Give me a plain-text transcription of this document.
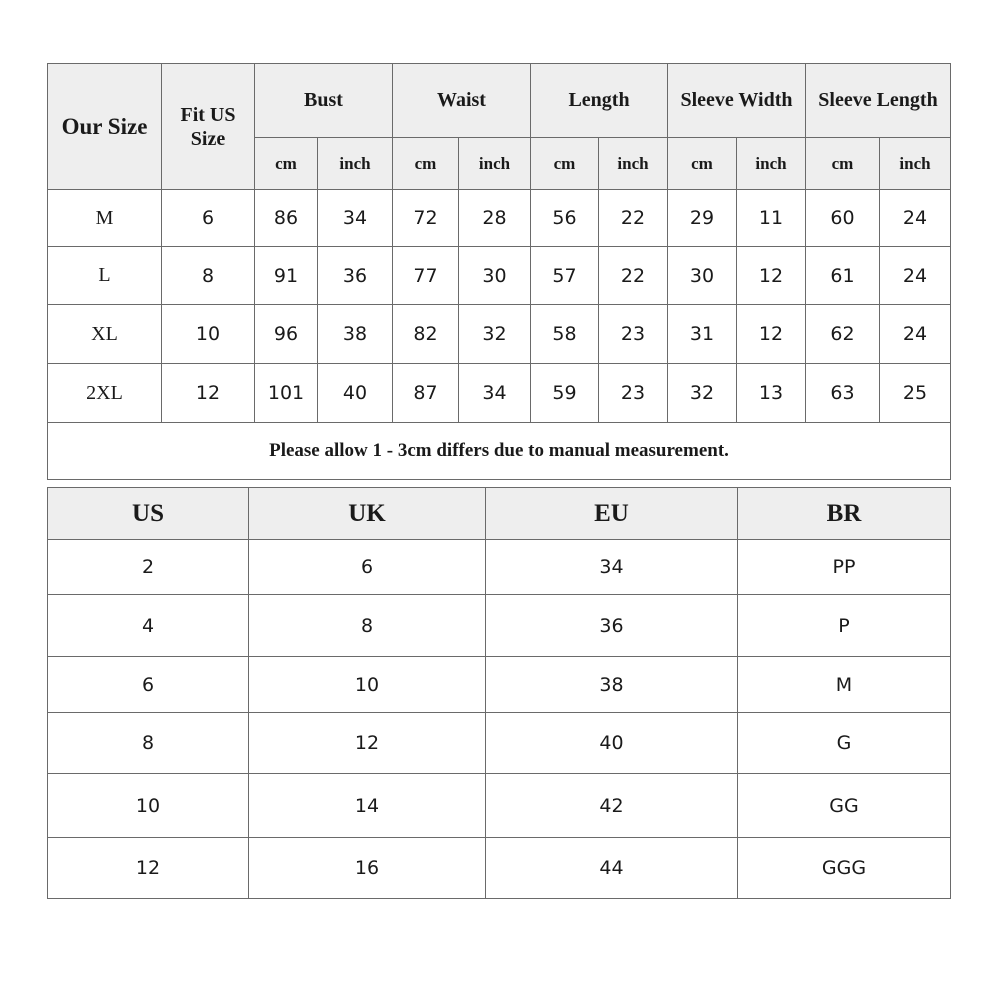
Our Size	Fit US Size	Bust		Waist		Length		Sleeve Width		Sleeve Length	
		cm	inch	cm	inch	cm	inch	cm	inch	cm	inch
M	6	86	34	72	28	56	22	29	11	60	24
L	8	91	36	77	30	57	22	30	12	61	24
XL	10	96	38	82	32	58	23	31	12	62	24
2XL	12	101	40	87	34	59	23	32	13	63	25
Please allow 1 - 3cm differs due to manual measurement.											
US	UK	EU	BR
2	6	34	PP
4	8	36	P
6	10	38	M
8	12	40	G
10	14	42	GG
12	16	44	GGG
